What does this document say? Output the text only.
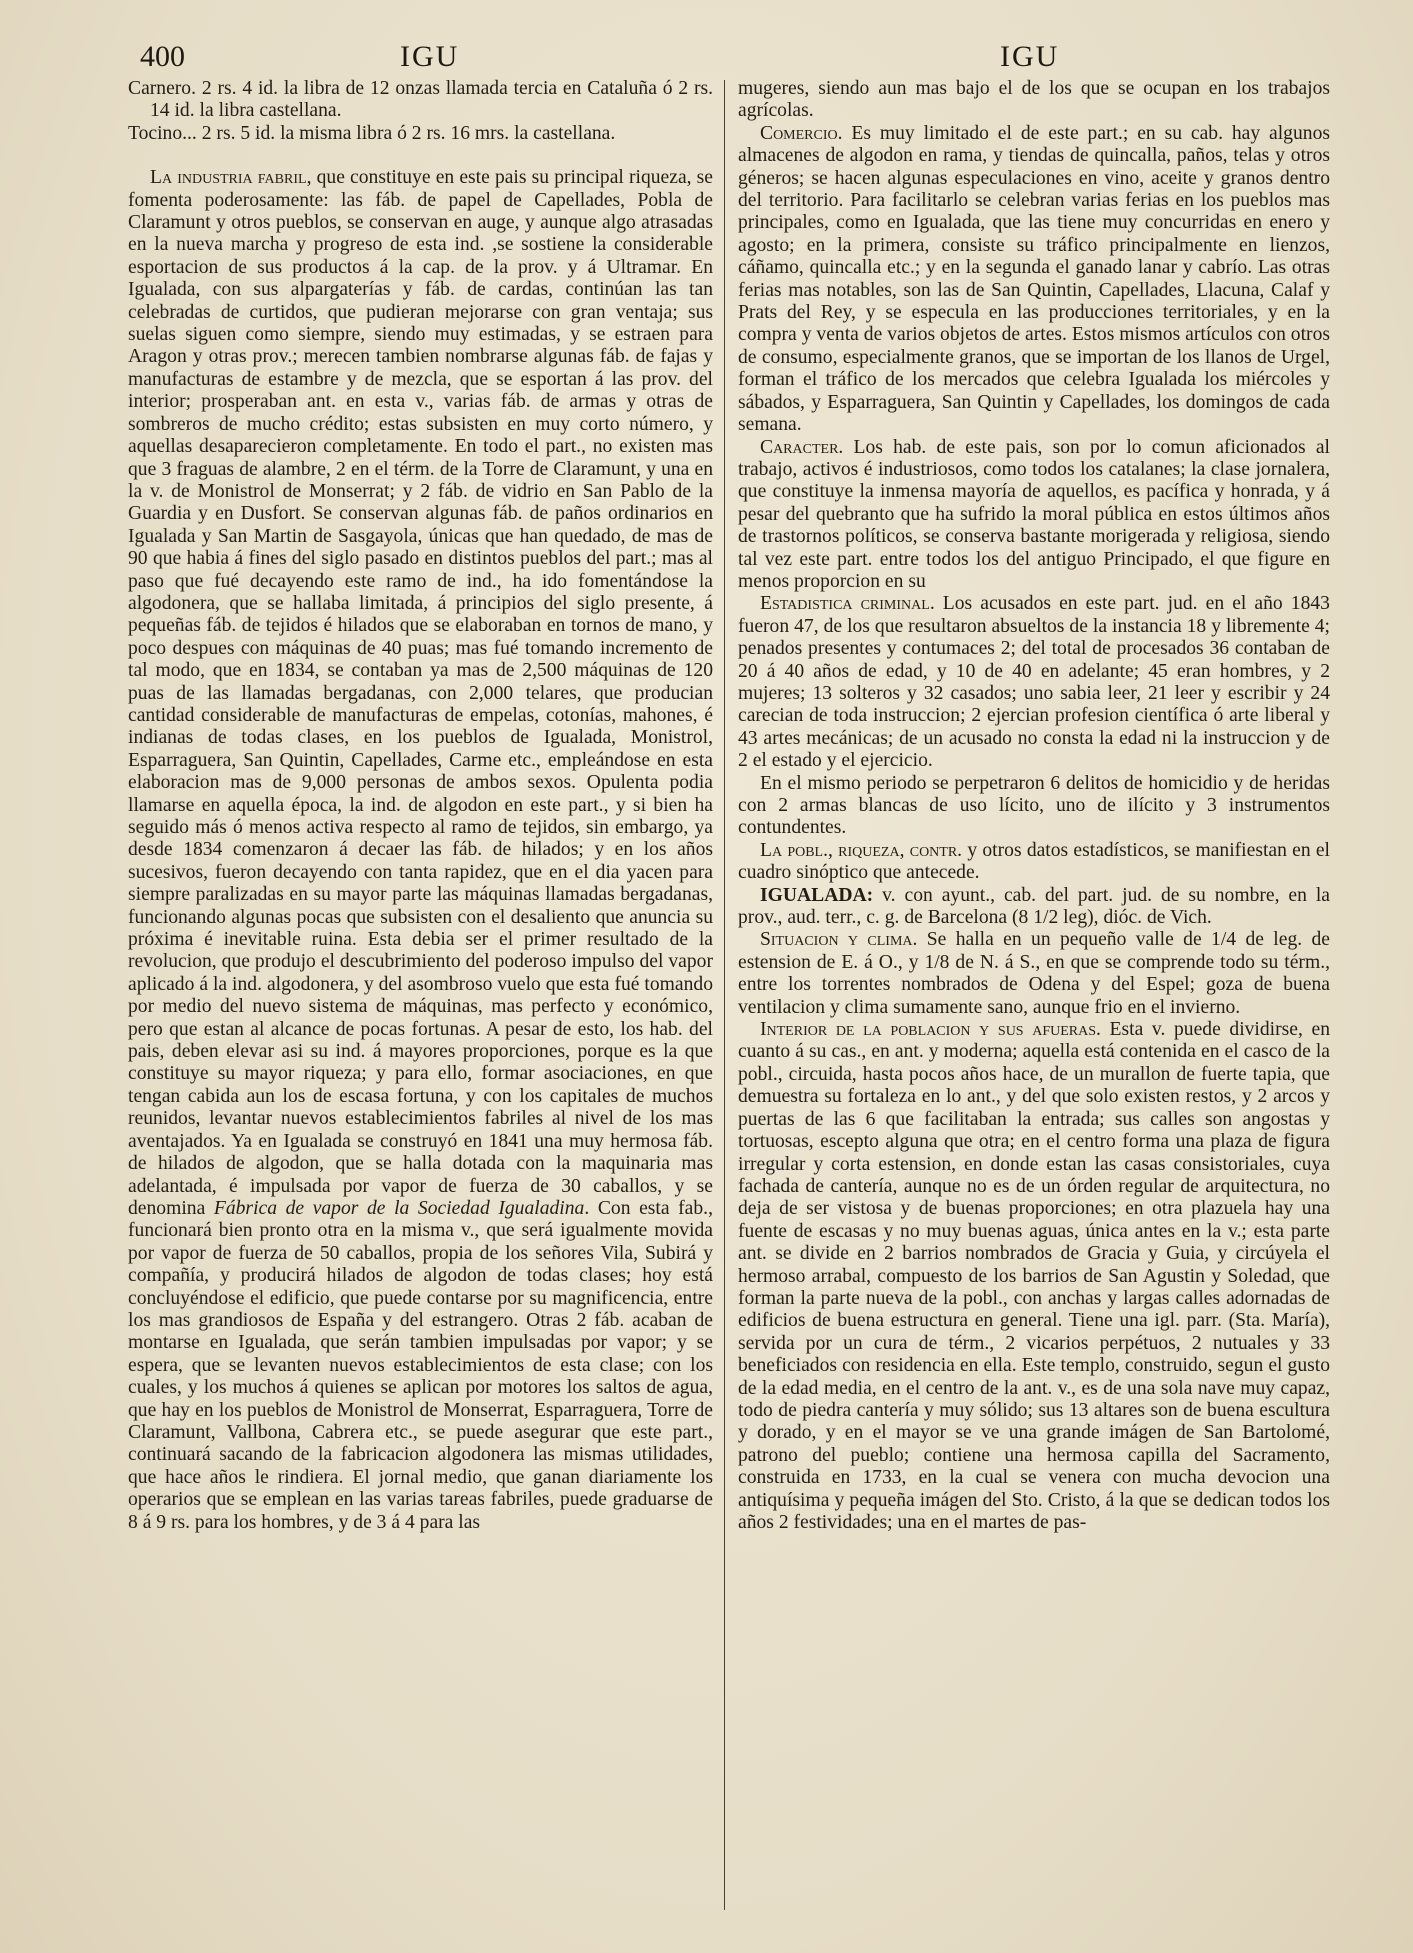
400	IGU	IGU

Carnero. 2 rs. 4 id. la libra de 12 onzas llamada tercia en Cataluña ó 2 rs. 14 id. la libra castellana.

Tocino... 2 rs. 5 id. la misma libra ó 2 rs. 16 mrs. la castellana.

La industria fabril, que constituye en este pais su principal riqueza, se fomenta poderosamente: las fáb. de papel de Capellades, Pobla de Claramunt y otros pueblos, se conservan en auge, y aunque algo atrasadas en la nueva marcha y progreso de esta ind. ,se sostiene la considerable esportacion de sus productos á la cap. de la prov. y á Ultramar. En Igualada, con sus alpargaterías y fáb. de cardas, continúan las tan celebradas de curtidos, que pudieran mejorarse con gran ventaja; sus suelas siguen como siempre, siendo muy estimadas, y se estraen para Aragon y otras prov.; merecen tambien nombrarse algunas fáb. de fajas y manufacturas de estambre y de mezcla, que se esportan á las prov. del interior; prosperaban ant. en esta v., varias fáb. de armas y otras de sombreros de mucho crédito; estas subsisten en muy corto número, y aquellas desaparecieron completamente. En todo el part., no existen mas que 3 fraguas de alambre, 2 en el térm. de la Torre de Claramunt, y una en la v. de Monistrol de Monserrat; y 2 fáb. de vidrio en San Pablo de la Guardia y en Dusfort. Se conservan algunas fáb. de paños ordinarios en Igualada y San Martin de Sasgayola, únicas que han quedado, de mas de 90 que habia á fines del siglo pasado en distintos pueblos del part.; mas al paso que fué decayendo este ramo de ind., ha ido fomentándose la algodonera, que se hallaba limitada, á principios del siglo presente, á pequeñas fáb. de tejidos é hilados que se elaboraban en tornos de mano, y poco despues con máquinas de 40 puas; mas fué tomando incremento de tal modo, que en 1834, se contaban ya mas de 2,500 máquinas de 120 puas de las llamadas bergadanas, con 2,000 telares, que producian cantidad considerable de manufacturas de empelas, cotonías, mahones, é indianas de todas clases, en los pueblos de Igualada, Monistrol, Esparraguera, San Quintin, Capellades, Carme etc., empleándose en esta elaboracion mas de 9,000 personas de ambos sexos. Opulenta podia llamarse en aquella época, la ind. de algodon en este part., y si bien ha seguido más ó menos activa respecto al ramo de tejidos, sin embargo, ya desde 1834 comenzaron á decaer las fáb. de hilados; y en los años sucesivos, fueron decayendo con tanta rapidez, que en el dia yacen para siempre paralizadas en su mayor parte las máquinas llamadas bergadanas, funcionando algunas pocas que subsisten con el desaliento que anuncia su próxima é inevitable ruina. Esta debia ser el primer resultado de la revolucion, que produjo el descubrimiento del poderoso impulso del vapor aplicado á la ind. algodonera, y del asombroso vuelo que esta fué tomando por medio del nuevo sistema de máquinas, mas perfecto y económico, pero que estan al alcance de pocas fortunas. A pesar de esto, los hab. del pais, deben elevar asi su ind. á mayores proporciones, porque es la que constituye su mayor riqueza; y para ello, formar asociaciones, en que tengan cabida aun los de escasa fortuna, y con los capitales de muchos reunidos, levantar nuevos establecimientos fabriles al nivel de los mas aventajados. Ya en Igualada se construyó en 1841 una muy hermosa fáb. de hilados de algodon, que se halla dotada con la maquinaria mas adelantada, é impulsada por vapor de fuerza de 30 caballos, y se denomina Fábrica de vapor de la Sociedad Igualadina. Con esta fab., funcionará bien pronto otra en la misma v., que será igualmente movida por vapor de fuerza de 50 caballos, propia de los señores Vila, Subirá y compañía, y producirá hilados de algodon de todas clases; hoy está concluyéndose el edificio, que puede contarse por su magnificencia, entre los mas grandiosos de España y del estrangero. Otras 2 fáb. acaban de montarse en Igualada, que serán tambien impulsadas por vapor; y se espera, que se levanten nuevos establecimientos de esta clase; con los cuales, y los muchos á quienes se aplican por motores los saltos de agua, que hay en los pueblos de Monistrol de Monserrat, Esparraguera, Torre de Claramunt, Vallbona, Cabrera etc., se puede asegurar que este part., continuará sacando de la fabricacion algodonera las mismas utilidades, que hace años le rindiera. El jornal medio, que ganan diariamente los operarios que se emplean en las varias tareas fabriles, puede graduarse de 8 á 9 rs. para los hombres, y de 3 á 4 para las

mugeres, siendo aun mas bajo el de los que se ocupan en los trabajos agrícolas.

Comercio. Es muy limitado el de este part.; en su cab. hay algunos almacenes de algodon en rama, y tiendas de quincalla, paños, telas y otros géneros; se hacen algunas especulaciones en vino, aceite y granos dentro del territorio. Para facilitarlo se celebran varias ferias en los pueblos mas principales, como en Igualada, que las tiene muy concurridas en enero y agosto; en la primera, consiste su tráfico principalmente en lienzos, cáñamo, quincalla etc.; y en la segunda el ganado lanar y cabrío. Las otras ferias mas notables, son las de San Quintin, Capellades, Llacuna, Calaf y Prats del Rey, y se especula en las producciones territoriales, y en la compra y venta de varios objetos de artes. Estos mismos artículos con otros de consumo, especialmente granos, que se importan de los llanos de Urgel, forman el tráfico de los mercados que celebra Igualada los miércoles y sábados, y Esparraguera, San Quintin y Capellades, los domingos de cada semana.

Caracter. Los hab. de este pais, son por lo comun aficionados al trabajo, activos é industriosos, como todos los catalanes; la clase jornalera, que constituye la inmensa mayoría de aquellos, es pacífica y honrada, y á pesar del quebranto que ha sufrido la moral pública en estos últimos años de trastornos políticos, se conserva bastante morigerada y religiosa, siendo tal vez este part. entre todos los del antiguo Principado, el que figure en menos proporcion en su

Estadistica criminal. Los acusados en este part. jud. en el año 1843 fueron 47, de los que resultaron absueltos de la instancia 18 y libremente 4; penados presentes y contumaces 2; del total de procesados 36 contaban de 20 á 40 años de edad, y 10 de 40 en adelante; 45 eran hombres, y 2 mujeres; 13 solteros y 32 casados; uno sabia leer, 21 leer y escribir y 24 carecian de toda instruccion; 2 ejercian profesion científica ó arte liberal y 43 artes mecánicas; de un acusado no consta la edad ni la instruccion y de 2 el estado y el ejercicio.

En el mismo periodo se perpetraron 6 delitos de homicidio y de heridas con 2 armas blancas de uso lícito, uno de ilícito y 3 instrumentos contundentes.

La pobl., riqueza, contr. y otros datos estadísticos, se manifiestan en el cuadro sinóptico que antecede.

IGUALADA: v. con ayunt., cab. del part. jud. de su nombre, en la prov., aud. terr., c. g. de Barcelona (8 1/2 leg), dióc. de Vich.

Situacion y clima. Se halla en un pequeño valle de 1/4 de leg. de estension de E. á O., y 1/8 de N. á S., en que se comprende todo su térm., entre los torrentes nombrados de Odena y del Espel; goza de buena ventilacion y clima sumamente sano, aunque frio en el invierno.

Interior de la poblacion y sus afueras. Esta v. puede dividirse, en cuanto á su cas., en ant. y moderna; aquella está contenida en el casco de la pobl., circuida, hasta pocos años hace, de un murallon de fuerte tapia, que demuestra su fortaleza en lo ant., y del que solo existen restos, y 2 arcos y puertas de las 6 que facilitaban la entrada; sus calles son angostas y tortuosas, escepto alguna que otra; en el centro forma una plaza de figura irregular y corta estension, en donde estan las casas consistoriales, cuya fachada de cantería, aunque no es de un órden regular de arquitectura, no deja de ser vistosa y de buenas proporciones; en otra plazuela hay una fuente de escasas y no muy buenas aguas, única antes en la v.; esta parte ant. se divide en 2 barrios nombrados de Gracia y Guia, y circúyela el hermoso arrabal, compuesto de los barrios de San Agustin y Soledad, que forman la parte nueva de la pobl., con anchas y largas calles adornadas de edificios de buena estructura en general. Tiene una igl. parr. (Sta. María), servida por un cura de térm., 2 vicarios perpétuos, 2 nutuales y 33 beneficiados con residencia en ella. Este templo, construido, segun el gusto de la edad media, en el centro de la ant. v., es de una sola nave muy capaz, todo de piedra cantería y muy sólido; sus 13 altares son de buena escultura y dorado, y en el mayor se ve una grande imágen de San Bartolomé, patrono del pueblo; contiene una hermosa capilla del Sacramento, construida en 1733, en la cual se venera con mucha devocion una antiquísima y pequeña imágen del Sto. Cristo, á la que se dedican todos los años 2 festividades; una en el martes de pas-
